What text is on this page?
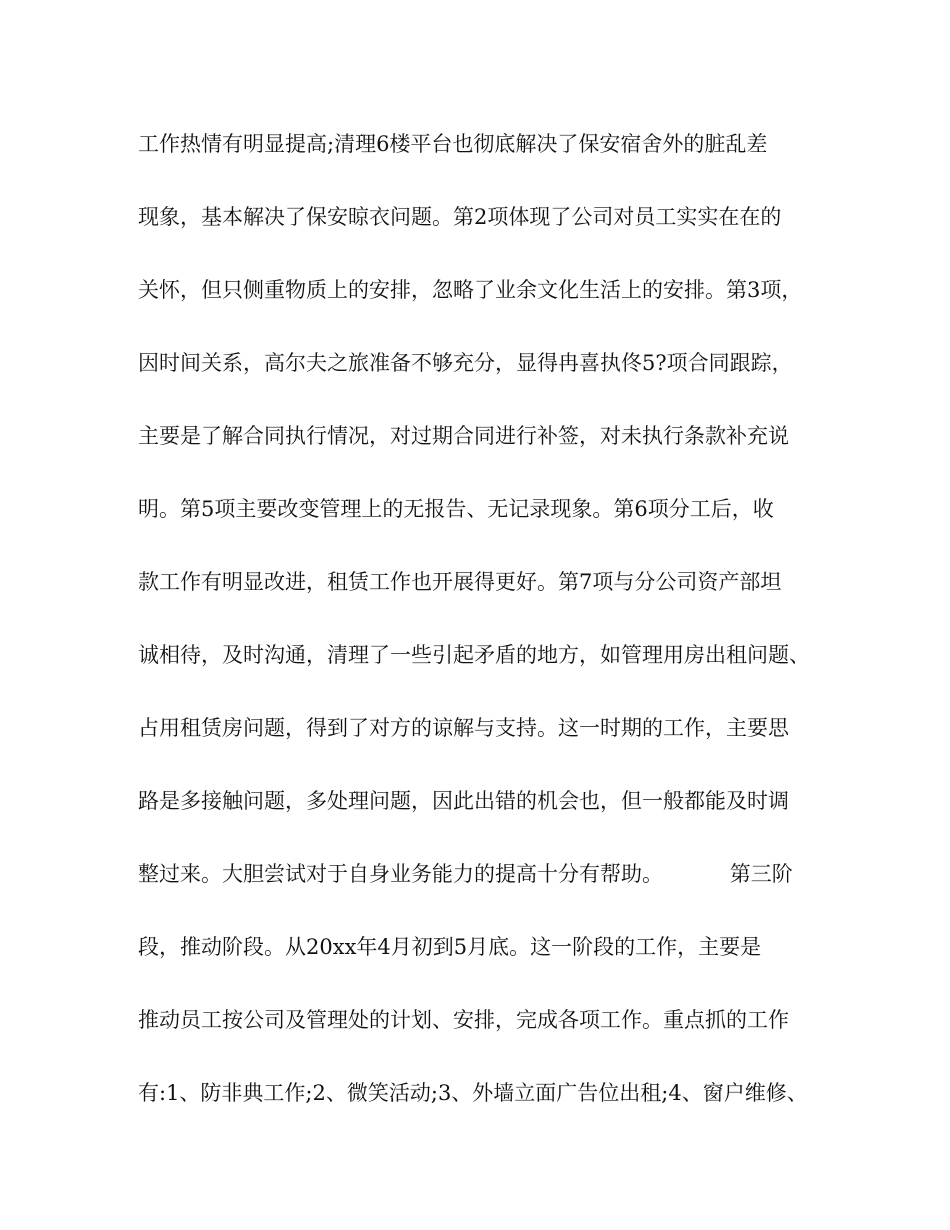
工作热情有明显提高;清理6楼平台也彻底解决了保安宿舍外的脏乱差

现象，基本解决了保安晾衣问题。第2项体现了公司对员工实实在在的

关怀，但只侧重物质上的安排，忽略了业余文化生活上的安排。第3项，

因时间关系，高尔夫之旅准备不够充分，显得冉喜执佟5?项合同跟踪，

主要是了解合同执行情况，对过期合同进行补签，对未执行条款补充说

明。第5项主要改变管理上的无报告、无记录现象。第6项分工后，收

款工作有明显改进，租赁工作也开展得更好。第7项与分公司资产部坦

诚相待，及时沟通，清理了一些引起矛盾的地方，如管理用房出租问题、

占用租赁房问题，得到了对方的谅解与支持。这一时期的工作，主要思

路是多接触问题，多处理问题，因此出错的机会也，但一般都能及时调

整过来。大胆尝试对于自身业务能力的提高十分有帮助。          第三阶

段，推动阶段。从20xx年4月初到5月底。这一阶段的工作，主要是

推动员工按公司及管理处的计划、安排，完成各项工作。重点抓的工作

有:1、防非典工作;2、微笑活动;3、外墙立面广告位出租;4、窗户维修、
